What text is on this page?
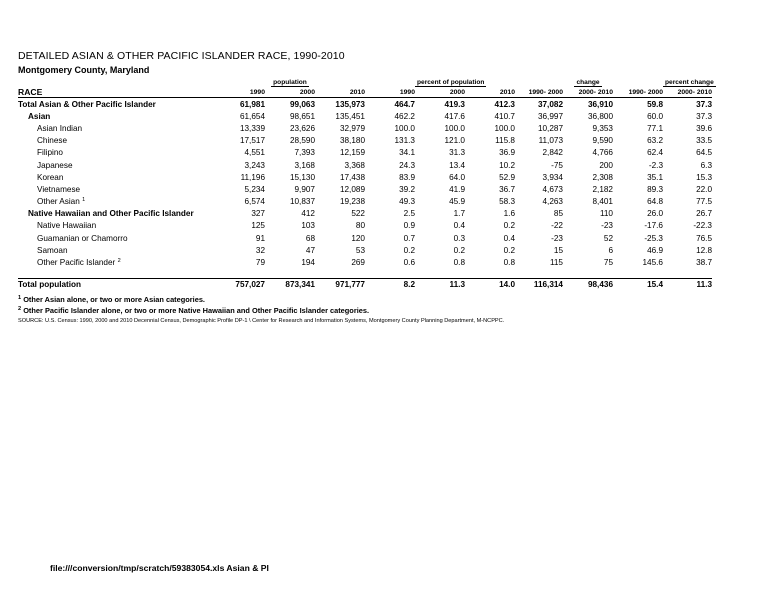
DETAILED ASIAN & OTHER PACIFIC ISLANDER RACE, 1990-2010
Montgomery County, Maryland
		population			percent of population			change		percent change
RACE	1990	2000	2010	1990	2000	2010	1990- 2000	2000- 2010	1990- 2000	2000- 2010
Total Asian & Other Pacific Islander	61,981	99,063	135,973	464.7	419.3	412.3	37,082	36,910	59.8	37.3
Asian	61,654	98,651	135,451	462.2	417.6	410.7	36,997	36,800	60.0	37.3
Asian Indian	13,339	23,626	32,979	100.0	100.0	100.0	10,287	9,353	77.1	39.6
Chinese	17,517	28,590	38,180	131.3	121.0	115.8	11,073	9,590	63.2	33.5
Filipino	4,551	7,393	12,159	34.1	31.3	36.9	2,842	4,766	62.4	64.5
Japanese	3,243	3,168	3,368	24.3	13.4	10.2	-75	200	-2.3	6.3
Korean	11,196	15,130	17,438	83.9	64.0	52.9	3,934	2,308	35.1	15.3
Vietnamese	5,234	9,907	12,089	39.2	41.9	36.7	4,673	2,182	89.3	22.0
Other Asian $^1$	6,574	10,837	19,238	49.3	45.9	58.3	4,263	8,401	64.8	77.5
Native Hawaiian and Other Pacific Islander	327	412	522	2.5	1.7	1.6	85	110	26.0	26.7
Native Hawaiian	125	103	80	0.9	0.4	0.2	-22	-23	-17.6	-22.3
Guamanian or Chamorro	91	68	120	0.7	0.3	0.4	-23	52	-25.3	76.5
Samoan	32	47	53	0.2	0.2	0.2	15	6	46.9	12.8
Other Pacific Islander $^2$	79	194	269	0.6	0.8	0.8	115	75	145.6	38.7

Total population	757,027	873,341	971,777	8.2	11.3	14.0	116,314	98,436	15.4	11.3
$^1$ Other Asian alone, or two or more Asian categories.
$^2$ Other Pacific Islander alone, or two or more Native Hawaiian and Other Pacific Islander categories.
SOURCE: U.S. Census: 1990, 2000 and 2010 Decennial Census, Demographic Profile DP-1 \ Center for Research and Information Systems, Montgomery County Planning Department, M-NCPPC.
file:///conversion/tmp/scratch/59383054.xls Asian & PI
